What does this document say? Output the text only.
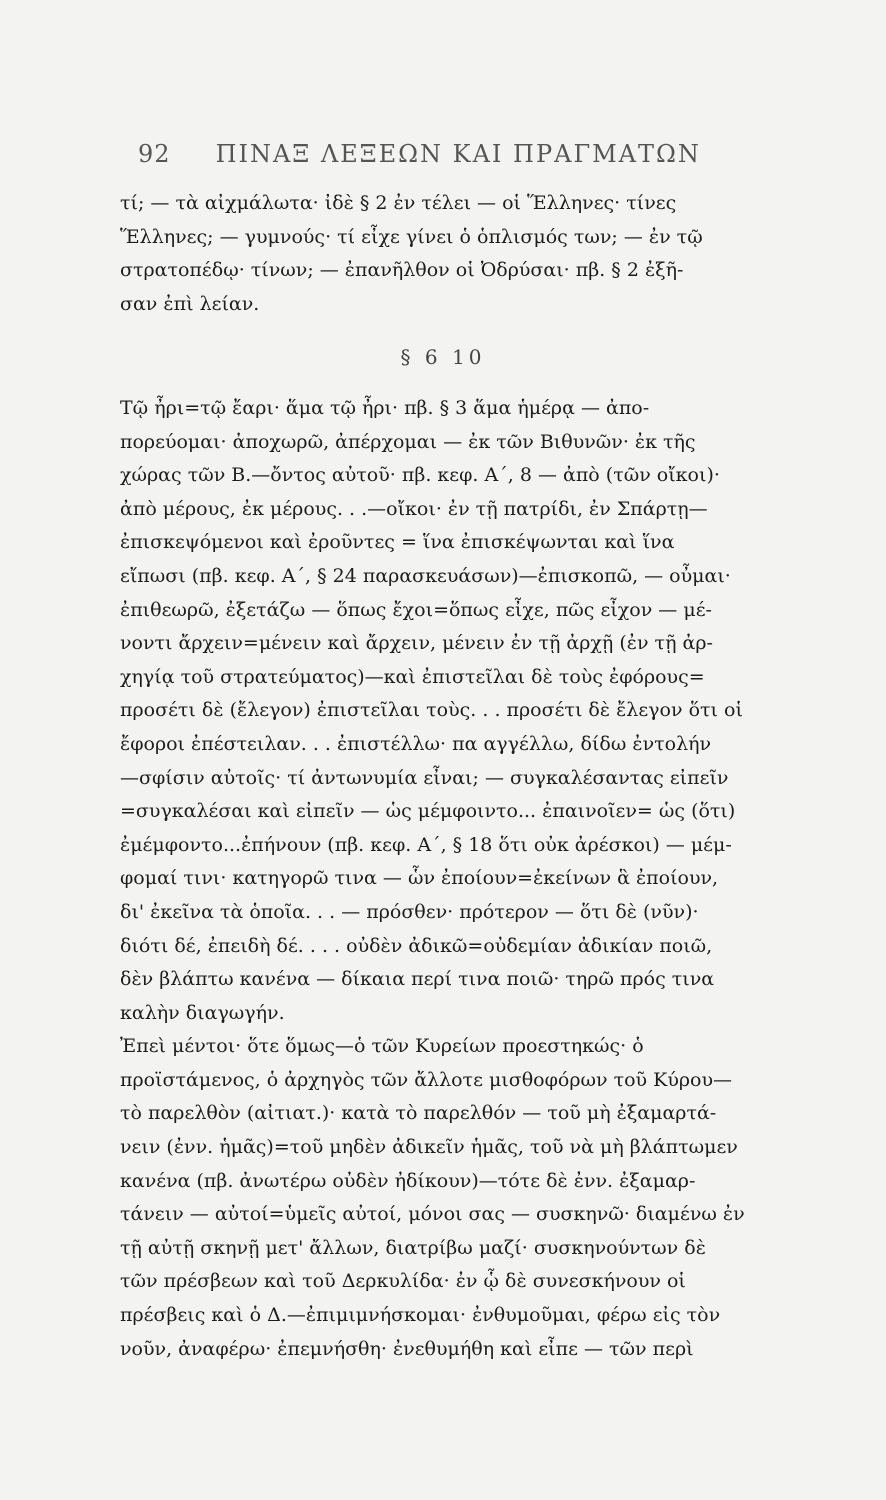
92	ΠΙΝΑΞ ΛΕΞΕΩΝ ΚΑΙ ΠΡΑΓΜΑΤΩΝ
τί; — τὰ αἰχμάλωτα· ἰδὲ § 2 ἐν τέλει — οἱ Ἕλληνες· τίνες
Ἕλληνες; — γυμνούς· τί εἶχε γίνει ὁ ὁπλισμός των; — ἐν τῷ
στρατοπέδῳ· τίνων; — ἐπανῆλθον οἱ Ὀδρύσαι· πβ. § 2 ἐξῆ-
σαν ἐπὶ λείαν.
§ 6 10
Τῷ ἦρι=τῷ ἔαρι· ἅμα τῷ ἦρι· πβ. § 3 ἅμα ἡμέρᾳ — ἀπο-
πορεύομαι· ἀποχωρῶ, ἀπέρχομαι — ἐκ τῶν Βιθυνῶν· ἐκ τῆς
χώρας τῶν Β.—ὄντος αὐτοῦ· πβ. κεφ. Α΄, 8 — ἀπὸ (τῶν οἴκοι)·
ἀπὸ μέρους, ἐκ μέρους. . .—οἴκοι· ἐν τῇ πατρίδι, ἐν Σπάρτῃ—
ἐπισκεψόμενοι καὶ ἐροῦντες = ἵνα ἐπισκέψωνται καὶ ἵνα
εἴπωσι (πβ. κεφ. Α΄, § 24 παρασκευάσων)—ἐπισκοπῶ, — οὖμαι·
ἐπιθεωρῶ, ἐξετάζω — ὅπως ἔχοι=ὅπως εἶχε, πῶς εἶχον — μέ-
νοντι ἄρχειν=μένειν καὶ ἄρχειν, μένειν ἐν τῇ ἀρχῇ (ἐν τῇ ἀρ-
χηγίᾳ τοῦ στρατεύματος)—καὶ ἐπιστεῖλαι δὲ τοὺς ἐφόρους=
προσέτι δὲ (ἔλεγον) ἐπιστεῖλαι τοὺς. . . προσέτι δὲ ἔλεγον ὅτι οἱ
ἔφοροι ἐπέστειλαν. . . ἐπιστέλλω· πα αγγέλλω, δίδω ἐντολήν
—σφίσιν αὐτοῖς· τί ἀντωνυμία εἶναι; — συγκαλέσαντας εἰπεῖν
=συγκαλέσαι καὶ εἰπεῖν — ὡς μέμφοιντο... ἐπαινοῖεν= ὡς (ὅτι)
ἐμέμφοντο...ἐπήνουν (πβ. κεφ. Α΄, § 18 ὅτι οὐκ ἀρέσκοι) — μέμ-
φομαί τινι· κατηγορῶ τινα — ὧν ἐποίουν=ἐκείνων ἃ ἐποίουν,
δι' ἐκεῖνα τὰ ὁποῖα. . . — πρόσθεν· πρότερον — ὅτι δὲ (νῦν)·
διότι δέ, ἐπειδὴ δέ. . . . οὐδὲν ἀδικῶ=οὐδεμίαν ἀδικίαν ποιῶ,
δὲν βλάπτω κανένα — δίκαια περί τινα ποιῶ· τηρῶ πρός τινα
καλὴν διαγωγήν.
Ἐπεὶ μέντοι· ὅτε ὅμως—ὁ τῶν Κυρείων προεστηκώς· ὁ
προϊστάμενος, ὁ ἀρχηγὸς τῶν ἄλλοτε μισθοφόρων τοῦ Κύρου—
τὸ παρελθὸν (αἰτιατ.)· κατὰ τὸ παρελθόν — τοῦ μὴ ἐξαμαρτά-
νειν (ἐνν. ἡμᾶς)=τοῦ μηδὲν ἀδικεῖν ἡμᾶς, τοῦ νὰ μὴ βλάπτωμεν
κανένα (πβ. ἀνωτέρω οὐδὲν ἠδίκουν)—τότε δὲ ἐνν. ἐξαμαρ-
τάνειν — αὐτοί=ὑμεῖς αὐτοί, μόνοι σας — συσκηνῶ· διαμένω ἐν
τῇ αὐτῇ σκηνῇ μετ' ἄλλων, διατρίβω μαζί· συσκηνούντων δὲ
τῶν πρέσβεων καὶ τοῦ Δερκυλίδα· ἐν ᾧ δὲ συνεσκήνουν οἱ
πρέσβεις καὶ ὁ Δ.—ἐπιμιμνήσκομαι· ἐνθυμοῦμαι, φέρω εἰς τὸν
νοῦν, ἀναφέρω· ἐπεμνήσθη· ἐνεθυμήθη καὶ εἶπε — τῶν περὶ
